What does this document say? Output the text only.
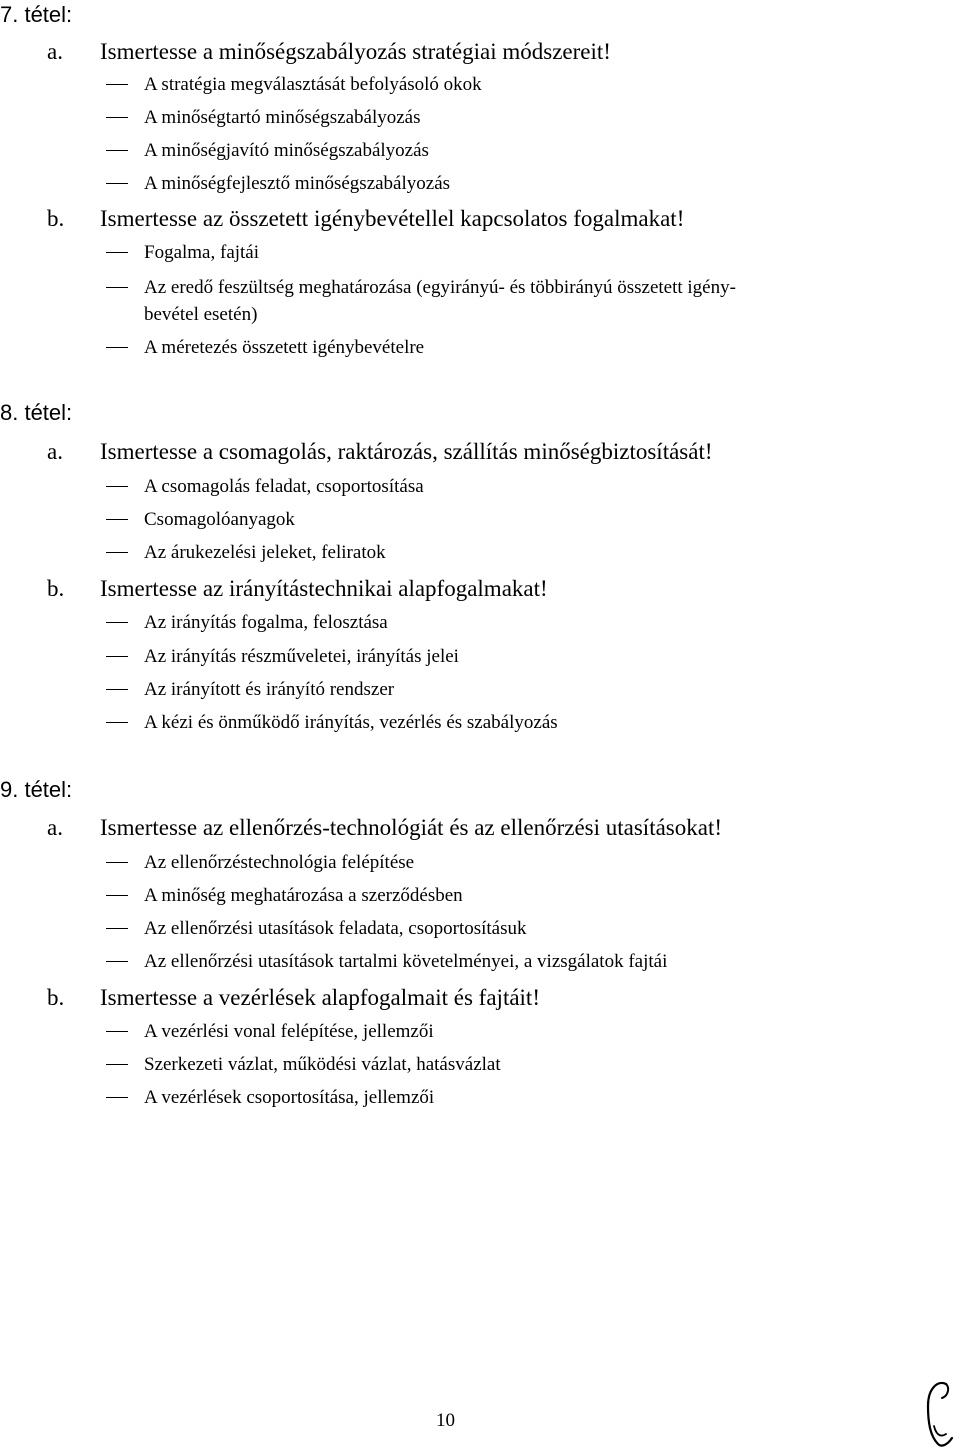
7. tétel:
a. Ismertesse a minőségszabályozás stratégiai módszereit!
A stratégia megválasztását befolyásoló okok
A minőségtartó minőségszabályozás
A minőségjavító minőségszabályozás
A minőségfejlesztő minőségszabályozás
b. Ismertesse az összetett igénybevétellel kapcsolatos fogalmakat!
Fogalma, fajtái
Az eredő feszültség meghatározása (egyirányú- és többirányú összetett igény-
bevétel esetén)
A méretezés összetett igénybevételre
8. tétel:
a. Ismertesse a csomagolás, raktározás, szállítás minőségbiztosítását!
A csomagolás feladat, csoportosítása
Csomagolóanyagok
Az árukezelési jeleket, feliratok
b. Ismertesse az irányítástechnikai alapfogalmakat!
Az irányítás fogalma, felosztása
Az irányítás részműveletei, irányítás jelei
Az irányított és irányító rendszer
A kézi és önműködő irányítás, vezérlés és szabályozás
9. tétel:
a. Ismertesse az ellenőrzés-technológiát és az ellenőrzési utasításokat!
Az ellenőrzéstechnológia felépítése
A minőség meghatározása a szerződésben
Az ellenőrzési utasítások feladata, csoportosításuk
Az ellenőrzési utasítások tartalmi követelményei, a vizsgálatok fajtái
b. Ismertesse a vezérlések alapfogalmait és fajtáit!
A vezérlési vonal felépítése, jellemzői
Szerkezeti vázlat, működési vázlat, hatásvázlat
A vezérlések csoportosítása, jellemzői
10
